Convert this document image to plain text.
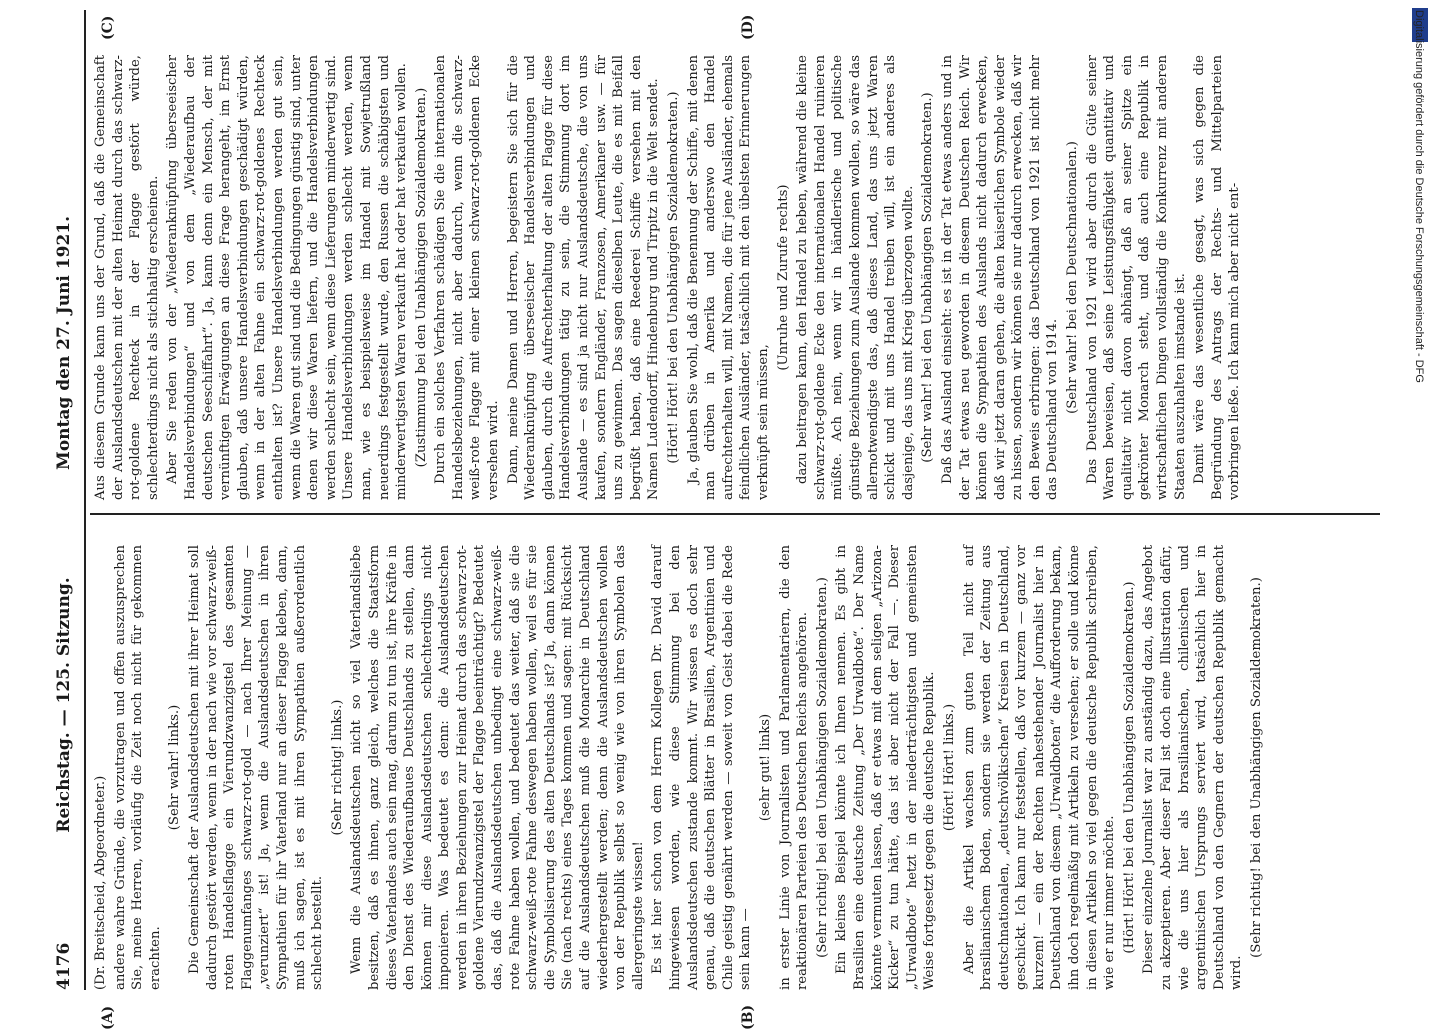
4176
Reichstag. — 125. Sitzung.
Montag den 27. Juni 1921.
(A)	(B)
(C)	(D)

(Dr. Breitscheid, Abgeordneter.) andere wahre Gründe, die vorzutragen und offen auszusprechen Sie, meine Herren, vorläufig die Zeit noch nicht für gekommen erachten.

(Sehr wahr! links.) Die Gemeinschaft der Auslandsdeutschen mit ihrer Heimat soll dadurch gestört werden, wenn in der nach wie vor schwarz-weiß-roten Handelsflagge ein Vierundzwanzigstel des gesamten Flaggenumfanges schwarz-rot-gold — nach Ihrer Meinung — „verunziert“ ist! Ja, wenn die Auslandsdeutschen in ihren Sympathien für ihr Vaterland nur an dieser Flagge kleben, dann, muß ich sagen, ist es mit ihren Sympathien außerordentlich schlecht bestellt.

(Sehr richtig! links.) Wenn die Auslandsdeutschen nicht so viel Vaterlandsliebe besitzen, daß es ihnen, ganz gleich, welches die Staatsform dieses Vaterlandes auch sein mag, darum zu tun ist, ihre Kräfte in den Dienst des Wiederaufbaues Deutschlands zu stellen, dann können mir diese Auslandsdeutschen schlechterdings nicht imponieren. Was bedeutet es denn: die Auslandsdeutschen werden in ihren Beziehungen zur Heimat durch das schwarz-rot-goldene Vierundzwanzigstel der Flagge beeinträchtigt? Bedeutet das, daß die Auslandsdeutschen unbedingt eine schwarz-weiß-rote Fahne haben wollen, und bedeutet das weiter, daß sie die schwarz-weiß-rote Fahne deswegen haben wollen, weil es für sie die Symbolisierung des alten Deutschlands ist? Ja, dann können Sie (nach rechts) eines Tages kommen und sagen: mit Rücksicht auf die Auslandsdeutschen muß die Monarchie in Deutschland wiederhergestellt werden; denn die Auslandsdeutschen wollen von der Republik selbst so wenig wie von ihren Symbolen das allergeringste wissen! Es ist hier schon von dem Herrn Kollegen Dr. David darauf hingewiesen worden, wie diese Stimmung bei den Auslandsdeutschen zustande kommt. Wir wissen es doch sehr genau, daß die deutschen Blätter in Brasilien, Argentinien und Chile geistig genährt werden — soweit von Geist dabei die Rede sein kann —

(sehr gut! links) in erster Linie von Journalisten und Parlamentariern, die den reaktionären Parteien des Deutschen Reichs angehören. (Sehr richtig! bei den Unabhängigen Sozialdemokraten.) Ein kleines Beispiel könnte ich Ihnen nennen. Es gibt in Brasilien eine deutsche Zeitung „Der Urwaldbote“. Der Name könnte vermuten lassen, daß er etwas mit dem seligen „Arizona-Kicker“ zu tun hätte, das ist aber nicht der Fall —. Dieser „Urwaldbote“ hetzt in der niederträchtigsten und gemeinsten Weise fortgesetzt gegen die deutsche Republik. (Hört! Hört! links.) Aber die Artikel wachsen zum guten Teil nicht auf brasilianischem Boden, sondern sie werden der Zeitung aus deutschnationalen, „deutschvölkischen“ Kreisen in Deutschland, geschickt. Ich kann nur feststellen, daß vor kurzem — ganz vor kurzem! — ein der Rechten nahestehender Journalist hier in Deutschland von diesem „Urwaldboten“ die Aufforderung bekam, ihn doch regelmäßig mit Artikeln zu versehen; er solle und könne in diesen Artikeln so viel gegen die deutsche Republik schreiben, wie er nur immer möchte. (Hört! Hört! bei den Unabhängigen Sozialdemokraten.) Dieser einzelne Journalist war zu anständig dazu, das Angebot zu akzeptieren. Aber dieser Fall ist doch eine Illustration dafür, wie die uns hier als brasilianischen, chilenischen und argentinischen Ursprungs serviert wird, tatsächlich hier in Deutschland von den Gegnern der deutschen Republik gemacht wird.

(Sehr richtig! bei den Unabhängigen Sozialdemokraten.)

Aus diesem Grunde kann uns der Grund, daß die Gemeinschaft der Auslandsdeutschen mit der alten Heimat durch das schwarz-rot-goldene Rechteck in der Flagge gestört würde, schlechterdings nicht als stichhaltig erscheinen. Aber Sie reden von der „Wiederanknüpfung überseeischer Handelsverbindungen“ und von dem „Wiederaufbau der deutschen Seeschiffahrt“. Ja, kann denn ein Mensch, der mit vernünftigen Erwägungen an diese Frage herangeht, im Ernst glauben, daß unsere Handelsverbindungen geschädigt würden, wenn in der alten Fahne ein schwarz-rot-goldenes Rechteck enthalten ist? Unsere Handelsverbindungen werden gut sein, wenn die Waren gut sind und die Bedingungen günstig sind, unter denen wir diese Waren liefern, und die Handelsverbindungen werden schlecht sein, wenn diese Lieferungen minderwertig sind. Unsere Handelsverbindungen werden schlecht werden, wenn man, wie es beispielsweise im Handel mit Sowjetrußland neuerdings festgestellt wurde, den Russen die schäbigsten und minderwertigsten Waren verkauft hat oder hat verkaufen wollen. (Zustimmung bei den Unabhängigen Sozialdemokraten.) Durch ein solches Verfahren schädigen Sie die internationalen Handelsbeziehungen, nicht aber dadurch, wenn die schwarz-weiß-rote Flagge mit einer kleinen schwarz-rot-goldenen Ecke versehen wird. Dann, meine Damen und Herren, begeistern Sie sich für die Wiederanknüpfung überseeischer Handelsverbindungen und glauben, durch die Aufrechterhaltung der alten Flagge für diese Handelsverbindungen tätig zu sein, die Stimmung dort im Auslande — es sind ja nicht nur Auslandsdeutsche, die von uns kaufen, sondern Engländer, Franzosen, Amerikaner usw. — für uns zu gewinnen. Das sagen dieselben Leute, die es mit Beifall begrüßt haben, daß eine Reederei Schiffe versehen mit den Namen Ludendorff, Hindenburg und Tirpitz in die Welt sendet. (Hört! Hört! bei den Unabhängigen Sozialdemokraten.) Ja, glauben Sie wohl, daß die Benennung der Schiffe, mit denen man drüben in Amerika und anderswo den Handel aufrechterhalten will, mit Namen, die für jene Ausländer, ehemals feindlichen Ausländer, tatsächlich mit den übelsten Erinnerungen verknüpft sein müssen,

(Unruhe und Zurufe rechts) dazu beitragen kann, den Handel zu heben, während die kleine schwarz-rot-goldene Ecke den internationalen Handel ruinieren müßte. Ach nein, wenn wir in händlerische und politische günstige Beziehungen zum Auslande kommen wollen, so wäre das allernotwendigste das, daß dieses Land, das uns jetzt Waren schickt und mit uns Handel treiben will, ist ein anderes als dasjenige, das uns mit Krieg überzogen wollte. (Sehr wahr! bei den Unabhängigen Sozialdemokraten.) Daß das Ausland einsieht: es ist in der Tat etwas anders und in der Tat etwas neu geworden in diesem Deutschen Reich. Wir können die Sympathien des Auslands nicht dadurch erwecken, daß wir jetzt daran gehen, die alten kaiserlichen Symbole wieder zu hissen, sondern wir können sie nur dadurch erwecken, daß wir den Beweis erbringen: das Deutschland von 1921 ist nicht mehr das Deutschland von 1914. (Sehr wahr! bei den Deutschnationalen.) Das Deutschland von 1921 wird aber durch die Güte seiner Waren beweisen, daß seine Leistungsfähigkeit quantitativ und qualitativ nicht davon abhängt, daß an seiner Spitze ein gekrönter Monarch steht, und daß auch eine Republik in wirtschaftlichen Dingen vollständig die Konkurrenz mit anderen Staaten auszuhalten imstande ist. Damit wäre das wesentliche gesagt, was sich gegen die Begründung des Antrags der Rechts- und Mittelparteien vorbringen ließe. Ich kann mich aber nicht ent-	Digitalisierung gefördert durch die Deutsche Forschungsgemeinschaft - DFG
